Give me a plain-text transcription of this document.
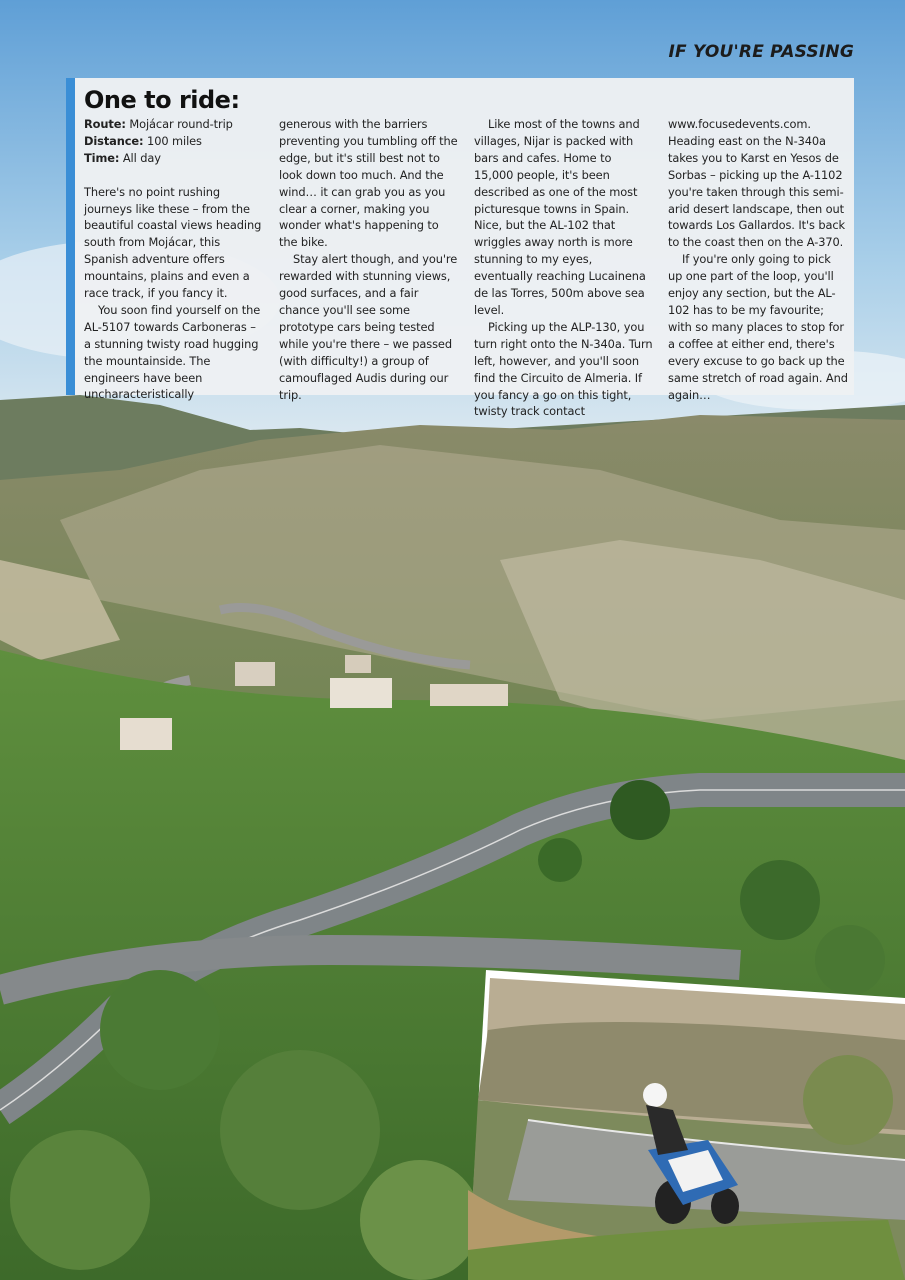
IF YOU'RE PASSING
One to ride:

Route: Mojácar round-trip

Distance: 100 miles

Time: All day

There's no point rushing journeys like these – from the beautiful coastal views heading south from Mojácar, this Spanish adventure offers mountains, plains and even a race track, if you fancy it.

You soon find yourself on the AL-5107 towards Carboneras – a stunning twisty road hugging the mountainside. The engineers have been uncharacteristically

generous with the barriers preventing you tumbling off the edge, but it's still best not to look down too much. And the wind… it can grab you as you clear a corner, making you wonder what's happening to the bike.

Stay alert though, and you're rewarded with stunning views, good surfaces, and a fair chance you'll see some prototype cars being tested while you're there – we passed (with difficulty!) a group of camouflaged Audis during our trip.

Like most of the towns and villages, Nijar is packed with bars and cafes. Home to 15,000 people, it's been described as one of the most picturesque towns in Spain. Nice, but the AL-102 that wriggles away north is more stunning to my eyes, eventually reaching Lucainena de las Torres, 500m above sea level.

Picking up the ALP-130, you turn right onto the N-340a. Turn left, however, and you'll soon find the Circuito de Almeria. If you fancy a go on this tight, twisty track contact

www.focusedevents.com. Heading east on the N-340a takes you to Karst en Yesos de Sorbas – picking up the A-1102 you're taken through this semi-arid desert landscape, then out towards Los Gallardos. It's back to the coast then on the A-370.

If you're only going to pick up one part of the loop, you'll enjoy any section, but the AL-102 has to be my favourite; with so many places to stop for a coffee at either end, there's every excuse to go back up the same stretch of road again. And again…
